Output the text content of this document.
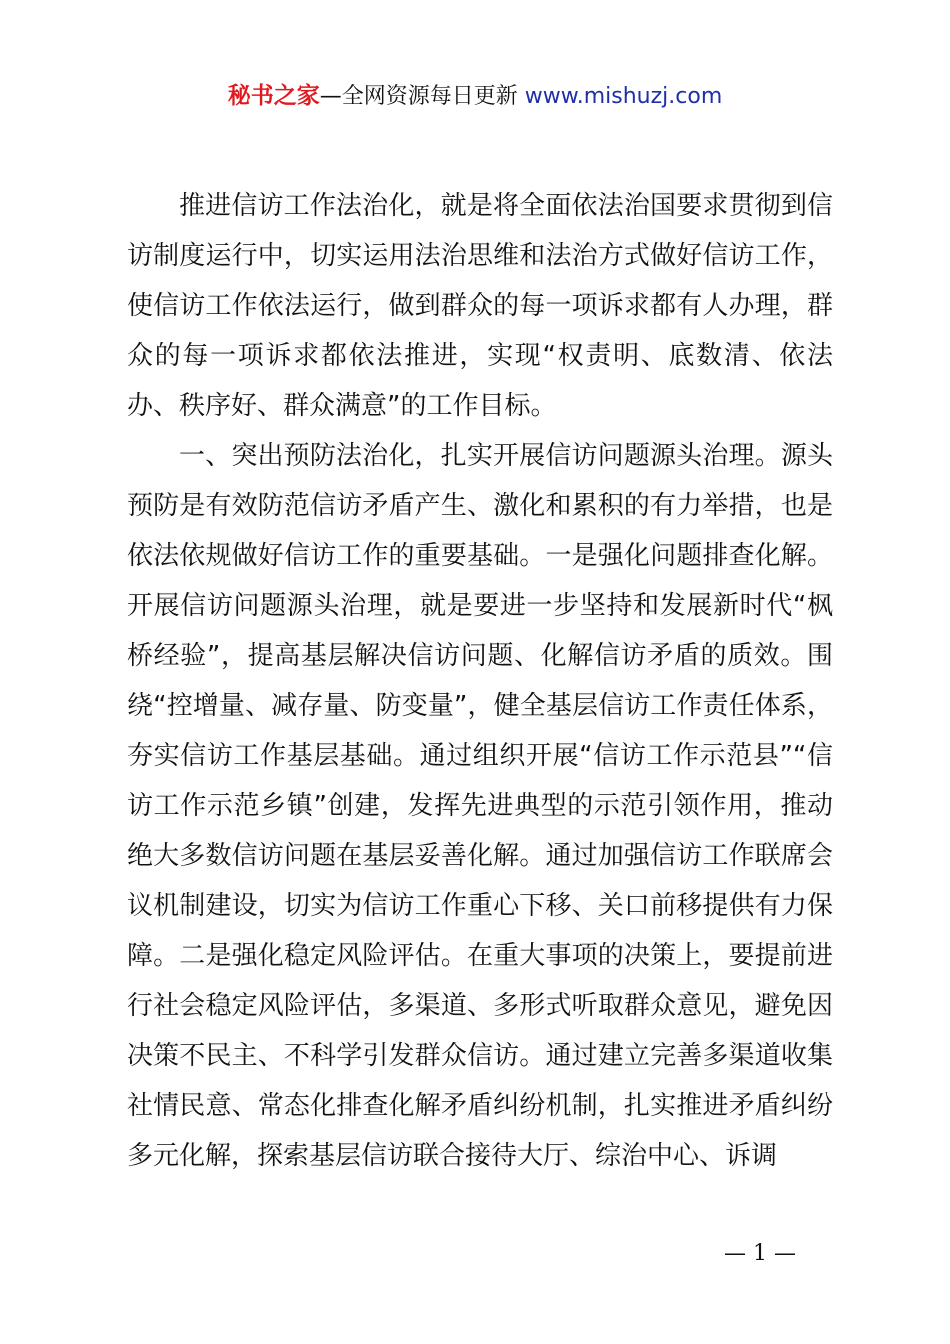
秘书之家—全网资源每日更新 www.mishuzj.com

推进信访工作法治化，就是将全面依法治国要求贯彻到信访制度运行中，切实运用法治思维和法治方式做好信访工作，使信访工作依法运行，做到群众的每一项诉求都有人办理，群众的每一项诉求都依法推进，实现“权责明、底数清、依法办、秩序好、群众满意”的工作目标。

一、突出预防法治化，扎实开展信访问题源头治理。源头预防是有效防范信访矛盾产生、激化和累积的有力举措，也是依法依规做好信访工作的重要基础。一是强化问题排查化解。开展信访问题源头治理，就是要进一步坚持和发展新时代“枫桥经验”，提高基层解决信访问题、化解信访矛盾的质效。围绕“控增量、减存量、防变量”，健全基层信访工作责任体系，夯实信访工作基层基础。通过组织开展“信访工作示范县”“信访工作示范乡镇”创建，发挥先进典型的示范引领作用，推动绝大多数信访问题在基层妥善化解。通过加强信访工作联席会议机制建设，切实为信访工作重心下移、关口前移提供有力保障。二是强化稳定风险评估。在重大事项的决策上，要提前进行社会稳定风险评估，多渠道、多形式听取群众意见，避免因决策不民主、不科学引发群众信访。通过建立完善多渠道收集社情民意、常态化排查化解矛盾纠纷机制，扎实推进矛盾纠纷多元化解，探索基层信访联合接待大厅、综治中心、诉调

— 1 —
